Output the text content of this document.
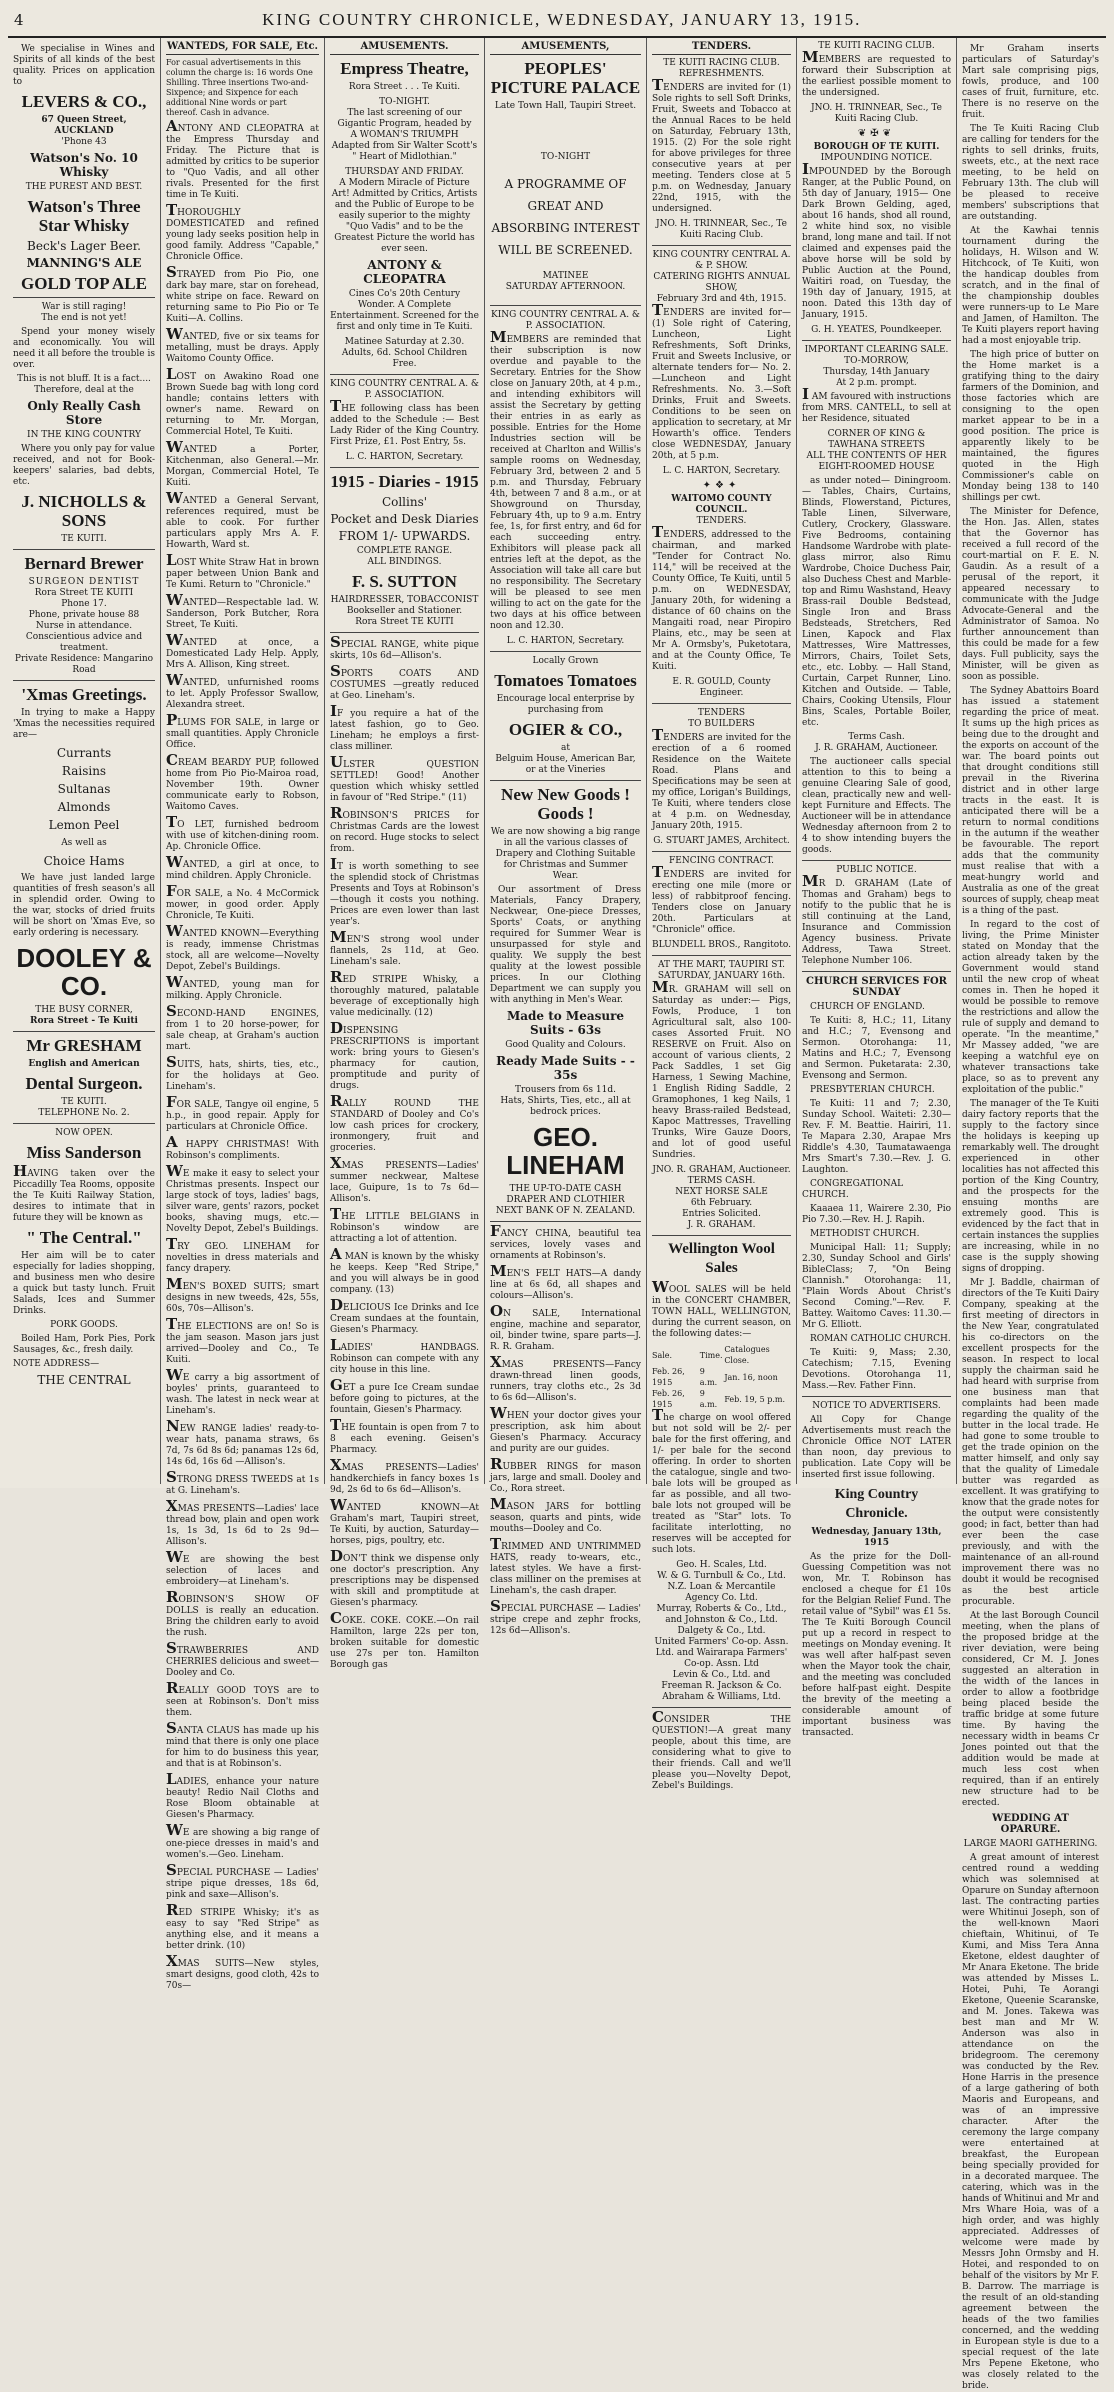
4	KING COUNTRY CHRONICLE, WEDNESDAY, JANUARY 13, 1915.
We specialise in Wines and Spirits of all kinds of the best quality. Prices on application to
LEVERS & CO.,
67 Queen Street, AUCKLAND
'Phone 43
Watson's No. 10 Whisky
THE PUREST AND BEST.
Watson's Three Star Whisky
Beck's Lager Beer.
MANNING'S ALE
GOLD TOP ALE
War is still raging!
The end is not yet!
Spend your money wisely and economically. You will need it all before the trouble is over.
This is not bluff. It is a fact....
Therefore, deal at the
Only Really Cash Store
IN THE KING COUNTRY
Where you only pay for value received, and not for Book-keepers' salaries, bad debts, etc.
J. NICHOLLS & SONS
TE KUITI.
Bernard Brewer
SURGEON DENTIST
Rora Street TE KUITI
Phone 17.
Phone, private house 88
Nurse in attendance. Conscientious advice and treatment.
Private Residence: Mangarino Road
'Xmas Greetings.
In trying to make a Happy 'Xmas the necessities required are—
Currants
Raisins
Sultanas
Almonds
Lemon Peel
As well as
Choice Hams
We have just landed large quantities of fresh season's all in splendid order. Owing to the war, stocks of dried fruits will be short on 'Xmas Eve, so early ordering is necessary.
DOOLEY & CO.
THE BUSY CORNER,
Rora Street - Te Kuiti
Mr GRESHAM
English and American
Dental Surgeon.
TE KUITI.
TELEPHONE No. 2.
NOW OPEN.
Miss Sanderson
HAVING taken over the Piccadilly Tea Rooms, opposite the Te Kuiti Railway Station, desires to intimate that in future they will be known as
" The Central."
Her aim will be to cater especially for ladies shopping, and business men who desire a quick but tasty lunch. Fruit Salads, Ices and Summer Drinks.
PORK GOODS.
Boiled Ham, Pork Pies, Pork Sausages, &c., fresh daily.
NOTE ADDRESS—
THE CENTRAL
WANTEDS, FOR SALE, Etc.
For casual advertisements in this column the charge is: 16 words One Shilling. Three insertions Two-and-Sixpence; and Sixpence for each additional Nine words or part thereof. Cash in advance.
ANTONY AND CLEOPATRA at the Empress Thursday and Friday. The Picture that is admitted by critics to be superior to "Quo Vadis, and all other rivals. Presented for the first time in Te Kuiti.
THOROUGHLY DOMESTICATED and refined young lady seeks position help in good family. Address "Capable," Chronicle Office.
STRAYED from Pio Pio, one dark bay mare, star on forehead, white stripe on face. Reward on returning same to Pio Pio or Te Kuiti—A. Collins.
WANTED, five or six teams for metalling, must be drays. Apply Waitomo County Office.
LOST on Awakino Road one Brown Suede bag with long cord handle; contains letters with owner's name. Reward on returning to Mr. Morgan, Commercial Hotel, Te Kuiti.
WANTED a Porter, Kitchenman, also General.—Mr. Morgan, Commercial Hotel, Te Kuiti.
WANTED a General Servant, references required, must be able to cook. For further particulars apply Mrs A. F. Howarth, Ward st.
LOST White Straw Hat in brown paper between Union Bank and Te Kumi. Return to "Chronicle."
WANTED—Respectable lad. W. Sanderson, Pork Butcher, Rora Street, Te Kuiti.
WANTED at once, a Domesticated Lady Help. Apply, Mrs A. Allison, King street.
WANTED, unfurnished rooms to let. Apply Professor Swallow, Alexandra street.
PLUMS FOR SALE, in large or small quantities. Apply Chronicle Office.
CREAM BEARDY PUP, followed home from Pio Pio-Mairoa road, November 19th. Owner communicate early to Robson, Waitomo Caves.
TO LET, furnished bedroom with use of kitchen-dining room. Ap. Chronicle Office.
WANTED, a girl at once, to mind children. Apply Chronicle.
FOR SALE, a No. 4 McCormick mower, in good order. Apply Chronicle, Te Kuiti.
WANTED KNOWN—Everything is ready, immense Christmas stock, all are welcome—Novelty Depot, Zebel's Buildings.
WANTED, young man for milking. Apply Chronicle.
SECOND-HAND ENGINES, from 1 to 20 horse-power, for sale cheap, at Graham's auction mart.
SUITS, hats, shirts, ties, etc., for the holidays at Geo. Lineham's.
FOR SALE, Tangye oil engine, 5 h.p., in good repair. Apply for particulars at Chronicle Office.
A HAPPY CHRISTMAS! With Robinson's compliments.
WE make it easy to select your Christmas presents. Inspect our large stock of toys, ladies' bags, silver ware, gents' razors, pocket books, shaving mugs, etc.—Novelty Depot, Zebel's Buildings.
TRY GEO. LINEHAM for novelties in dress materials and fancy drapery.
MEN'S BOXED SUITS; smart designs in new tweeds, 42s, 55s, 60s, 70s—Allison's.
THE ELECTIONS are on! So is the jam season. Mason jars just arrived—Dooley and Co., Te Kuiti.
WE carry a big assortment of boyles' prints, guaranteed to wash. The latest in neck wear at Lineham's.
NEW RANGE ladies' ready-to-wear hats, panama straws, 6s 7d, 7s 6d 8s 6d; panamas 12s 6d, 14s 6d, 16s 6d —Allison's.
STRONG DRESS TWEEDS at 1s at G. Lineham's.
XMAS PRESENTS—Ladies' lace thread bow, plain and open work 1s, 1s 3d, 1s 6d to 2s 9d—Allison's.
WE are showing the best selection of laces and embroidery—at Lineham's.
ROBINSON'S SHOW OF DOLLS is really an education. Bring the children early to avoid the rush.
STRAWBERRIES AND CHERRIES delicious and sweet—Dooley and Co.
REALLY GOOD TOYS are to seen at Robinson's. Don't miss them.
SANTA CLAUS has made up his mind that there is only one place for him to do business this year, and that is at Robinson's.
LADIES, enhance your nature beauty! Redio Nail Cloths and Rose Bloom obtainable at Giesen's Pharmacy.
WE are showing a big range of one-piece dresses in maid's and women's.—Geo. Lineham.
SPECIAL PURCHASE — Ladies' stripe pique dresses, 18s 6d, pink and saxe—Allison's.
RED STRIPE Whisky; it's as easy to say "Red Stripe" as anything else, and it means a better drink. (10)
XMAS SUITS—New styles, smart designs, good cloth, 42s to 70s—
AMUSEMENTS.
Empress Theatre,
Rora Street . . . Te Kuiti.
TO-NIGHT.
The last screening of our Gigantic Program, headed by
A WOMAN'S TRIUMPH
Adapted from Sir Walter Scott's " Heart of Midlothian."
THURSDAY AND FRIDAY.
A Modern Miracle of Picture Art! Admitted by Critics, Artists and the Public of Europe to be easily superior to the mighty "Quo Vadis" and to be the Greatest Picture the world has ever seen.
ANTONY & CLEOPATRA
Cines Co's 20th Century Wonder. A Complete Entertainment. Screened for the first and only time in Te Kuiti.
Matinee Saturday at 2.30. Adults, 6d. School Children Free.
KING COUNTRY CENTRAL A. & P. ASSOCIATION.
THE following class has been added to the Schedule :— Best Lady Rider of the King Country. First Prize, £1. Post Entry, 5s.
L. C. HARTON, Secretary.
1915 - Diaries - 1915
Collins'
Pocket and Desk Diaries
FROM 1/- UPWARDS.
COMPLETE RANGE.
ALL BINDINGS.
F. S. SUTTON
HAIRDRESSER, TOBACCONIST
Bookseller and Stationer.
Rora Street TE KUITI
SPECIAL RANGE, white pique skirts, 10s 6d—Allison's.
SPORTS COATS AND COSTUMES —greatly reduced at Geo. Lineham's.
IF you require a hat of the latest fashion, go to Geo. Lineham; he employs a first-class milliner.
ULSTER QUESTION SETTLED! Good! Another question which whisky settled in favour of "Red Stripe." (11)
ROBINSON'S PRICES for Christmas Cards are the lowest on record. Huge stocks to select from.
IT is worth something to see the splendid stock of Christmas Presents and Toys at Robinson's—though it costs you nothing. Prices are even lower than last year's.
MEN'S strong wool under flannels, 2s 11d, at Geo. Lineham's sale.
RED STRIPE Whisky, a thoroughly matured, palatable beverage of exceptionally high value medicinally. (12)
DISPENSING PRESCRIPTIONS is important work: bring yours to Giesen's pharmacy for caution, promptitude and purity of drugs.
RALLY ROUND THE STANDARD of Dooley and Co's low cash prices for crockery, ironmongery, fruit and groceries.
XMAS PRESENTS—Ladies' summer neckwear, Maltese lace, Guipure, 1s to 7s 6d—Allison's.
THE LITTLE BELGIANS in Robinson's window are attracting a lot of attention.
A MAN is known by the whisky he keeps. Keep "Red Stripe," and you will always be in good company. (13)
DELICIOUS Ice Drinks and Ice Cream sundaes at the fountain, Giesen's Pharmacy.
LADIES' HANDBAGS. Robinson can compete with any city house in this line.
GET a pure Ice Cream sundae before going to pictures, at the fountain, Giesen's Pharmacy.
THE fountain is open from 7 to 8 each evening. Geisen's Pharmacy.
XMAS PRESENTS—Ladies' handkerchiefs in fancy boxes 1s 9d, 2s 6d to 6s 6d—Allison's.
WANTED KNOWN—At Graham's mart, Taupiri street, Te Kuiti, by auction, Saturday—horses, pigs, poultry, etc.
DON'T think we dispense only one doctor's prescription. Any prescriptions may be dispensed with skill and promptitude at Giesen's pharmacy.
COKE. COKE. COKE.—On rail Hamilton, large 22s per ton, broken suitable for domestic use 27s per ton. Hamilton Borough gas
AMUSEMENTS,
PEOPLES' PICTURE PALACE
Late Town Hall, Taupiri Street.
TO-NIGHT
A PROGRAMME OF GREAT AND ABSORBING INTEREST WILL BE SCREENED.
MATINEE
SATURDAY AFTERNOON.
KING COUNTRY CENTRAL A. & P. ASSOCIATION.
MEMBERS are reminded that their subscription is now overdue and payable to the Secretary. Entries for the Show close on January 20th, at 4 p.m., and intending exhibitors will assist the Secretary by getting their entries in as early as possible. Entries for the Home Industries section will be received at Charlton and Willis's sample rooms on Wednesday, February 3rd, between 2 and 5 p.m. and Thursday, February 4th, between 7 and 8 a.m., or at Showground on Thursday, February 4th, up to 9 a.m. Entry fee, 1s, for first entry, and 6d for each succeeding entry. Exhibitors will please pack all entries left at the depot, as the Association will take all care but no responsibility. The Secretary will be pleased to see men willing to act on the gate for the two days at his office between noon and 12.30.
L. C. HARTON, Secretary.
Locally Grown
Tomatoes Tomatoes
Encourage local enterprise by purchasing from
OGIER & CO.,
at
Belguim House, American Bar, or at the Vineries
New New Goods ! Goods !
We are now showing a big range in all the various classes of Drapery and Clothing Suitable for Christmas and Summer Wear.
Our assortment of Dress Materials, Fancy Drapery, Neckwear, One-piece Dresses, Sports' Coats, or anything required for Summer Wear is unsurpassed for style and quality. We supply the best quality at the lowest possible prices. In our Clothing Department we can supply you with anything in Men's Wear.
Made to Measure Suits - 63s
Good Quality and Colours.
Ready Made Suits - - 35s
Trousers from 6s 11d.
Hats, Shirts, Ties, etc., all at bedrock prices.
GEO. LINEHAM
THE UP-TO-DATE CASH DRAPER AND CLOTHIER
NEXT BANK OF N. ZEALAND.
FANCY CHINA, beautiful tea services, lovely vases and ornaments at Robinson's.
MEN'S FELT HATS—A dandy line at 6s 6d, all shapes and colours—Allison's.
ON SALE, International engine, machine and separator, oil, binder twine, spare parts—J. R. R. Graham.
XMAS PRESENTS—Fancy drawn-thread linen goods, runners, tray cloths etc., 2s 3d to 6s 6d—Allison's.
WHEN your doctor gives your prescription, ask him about Giesen's Pharmacy. Accuracy and purity are our guides.
RUBBER RINGS for mason jars, large and small. Dooley and Co., Rora street.
MASON JARS for bottling season, quarts and pints, wide mouths—Dooley and Co.
TRIMMED AND UNTRIMMED HATS, ready to-wears, etc., latest styles. We have a first-class milliner on the premises at Lineham's, the cash draper.
SPECIAL PURCHASE — Ladies' stripe crepe and zephr frocks, 12s 6d—Allison's.
TENDERS.
TE KUITI RACING CLUB.
REFRESHMENTS.
TENDERS are invited for (1) Sole rights to sell Soft Drinks, Fruit, Sweets and Tobacco at the Annual Races to be held on Saturday, February 13th, 1915. (2) For the sole right for above privileges for three consecutive years at per meeting. Tenders close at 5 p.m. on Wednesday, January 22nd, 1915, with the undersigned.
JNO. H. TRINNEAR, Sec., Te Kuiti Racing Club.
KING COUNTRY CENTRAL A. & P. SHOW.
CATERING RIGHTS ANNUAL SHOW,
February 3rd and 4th, 1915.
TENDERS are invited for—(1) Sole right of Catering, Luncheon, Light Refreshments, Soft Drinks, Fruit and Sweets Inclusive, or alternate tenders for— No. 2.—Luncheon and Light Refreshments. No. 3.—Soft Drinks, Fruit and Sweets. Conditions to be seen on application to secretary, at Mr Howarth's office. Tenders close WEDNESDAY, January 20th, at 5 p.m.
L. C. HARTON, Secretary.
✦❖✦
WAITOMO COUNTY COUNCIL.
TENDERS.
TENDERS, addressed to the chairman, and marked "Tender for Contract No. 114," will be received at the County Office, Te Kuiti, until 5 p.m. on WEDNESDAY, January 20th, for widening a distance of 60 chains on the Mangaiti road, near Piropiro Plains, etc., may be seen at Mr A. Ormsby's, Puketotara, and at the County Office, Te Kuiti.
E. R. GOULD, County Engineer.
TENDERS
TO BUILDERS
TENDERS are invited for the erection of a 6 roomed Residence on the Waitete Road. Plans and Specifications may be seen at my office, Lorigan's Buildings, Te Kuiti, where tenders close at 4 p.m. on Wednesday, January 20th, 1915.
G. STUART JAMES, Architect.
FENCING CONTRACT.
TENDERS are invited for erecting one mile (more or less) of rabbitproof fencing. Tenders close on January 20th. Particulars at "Chronicle" office.
BLUNDELL BROS., Rangitoto.
AT THE MART, TAUPIRI ST.
SATURDAY, JANUARY 16th.
MR. GRAHAM will sell on Saturday as under:— Pigs, Fowls, Produce, 1 ton Agricultural salt, also 100-cases Assorted Fruit. NO RESERVE on Fruit. Also on account of various clients, 2 Pack Saddles, 1 set Gig Harness, 1 Sewing Machine, 1 English Riding Saddle, 2 Gramophones, 1 keg Nails, 1 heavy Brass-railed Bedstead, Kapoc Mattresses, Travelling Trunks, Wire Gauze Doors, and lot of good useful Sundries.
JNO. R. GRAHAM, Auctioneer.
TERMS CASH.
NEXT HORSE SALE
6th February.
Entries Solicited.
J. R. GRAHAM.
Wellington Wool Sales
WOOL SALES will be held in the CONCERT CHAMBER, TOWN HALL, WELLINGTON, during the current season, on the following dates:—
Sale.	Time.	Catalogues Close.
Feb. 26, 1915	9 a.m.	Jan. 16, noon
Feb. 26, 1915	9 a.m.	Feb. 19, 5 p.m.
The charge on wool offered but not sold will be 2/- per bale for the first offering, and 1/- per bale for the second offering. In order to shorten the catalogue, single and two-bale lots will be grouped as far as possible, and all two-bale lots not grouped will be treated as "Star" lots. To facilitate interlotting, no reserves will be accepted for such lots.
Geo. H. Scales, Ltd.
W. & G. Turnbull & Co., Ltd.
N.Z. Loan & Mercantile Agency Co. Ltd.
Murray, Roberts & Co., Ltd., and Johnston & Co., Ltd.
Dalgety & Co., Ltd.
United Farmers' Co-op. Assn. Ltd. and Wairarapa Farmers' Co-op. Assn. Ltd
Levin & Co., Ltd. and Freeman R. Jackson & Co.
Abraham & Williams, Ltd.
CONSIDER THE QUESTION!—A great many people, about this time, are considering what to give to their friends. Call and we'll please you—Novelty Depot, Zebel's Buildings.
TE KUITI RACING CLUB.
MEMBERS are requested to forward their Subscription at the earliest possible moment to the undersigned.
JNO. H. TRINNEAR, Sec., Te Kuiti Racing Club.
❦✠❦
BOROUGH OF TE KUITI.
IMPOUNDING NOTICE.
IMPOUNDED by the Borough Ranger, at the Public Pound, on 5th day of January, 1915— One Dark Brown Gelding, aged, about 16 hands, shod all round, 2 white hind sox, no visible brand, long mane and tail. If not claimed and expenses paid the above horse will be sold by Public Auction at the Pound, Waitiri road, on Tuesday, the 19th day of January, 1915, at noon. Dated this 13th day of January, 1915.
G. H. YEATES, Poundkeeper.
IMPORTANT CLEARING SALE.
TO-MORROW,
Thursday, 14th January
At 2 p.m. prompt.
I AM favoured with instructions from MRS. CANTELL, to sell at her Residence, situated
CORNER OF KING & TAWHANA STREETS
ALL THE CONTENTS OF HER EIGHT-ROOMED HOUSE
as under noted— Diningroom. — Tables, Chairs, Curtains, Blinds, Flowerstand, Pictures, Table Linen, Silverware, Cutlery, Crockery, Glassware. Five Bedrooms, containing Handsome Wardrobe with plate-glass mirror, also Rimu Wardrobe, Choice Duchess Pair, also Duchess Chest and Marble-top and Rimu Washstand, Heavy Brass-rail Double Bedstead, Single Iron and Brass Bedsteads, Stretchers, Red Linen, Kapock and Flax Mattresses, Wire Mattresses, Mirrors, Chairs, Toilet Sets, etc., etc. Lobby. — Hall Stand, Curtain, Carpet Runner, Lino. Kitchen and Outside. — Table, Chairs, Cooking Utensils, Flour Bins, Scales, Portable Boiler, etc.
Terms Cash.
J. R. GRAHAM, Auctioneer.
The auctioneer calls special attention to this to being a genuine Clearing Sale of good, clean, practically new and well-kept Furniture and Effects. The Auctioneer will be in attendance Wednesday afternoon from 2 to 4 to show intending buyers the goods.
PUBLIC NOTICE.
MR D. GRAHAM (Late of Thomas and Graham) begs to notify to the public that he is still continuing at the Land, Insurance and Commission Agency business. Private Address, Tawa Street. Telephone Number 106.
CHURCH SERVICES FOR SUNDAY
CHURCH OF ENGLAND.
Te Kuiti: 8, H.C.; 11, Litany and H.C.; 7, Evensong and Sermon. Otorohanga: 11, Matins and H.C.; 7, Evensong and Sermon. Puketarata: 2.30, Evensong and Sermon.
PRESBYTERIAN CHURCH.
Te Kuiti: 11 and 7; 2.30, Sunday School. Waiteti: 2.30—Rev. F. M. Beattie. Hairiri, 11. Te Mapara 2.30, Arapae Mrs Riddle's 4.30, Taumatawaenga Mrs Smart's 7.30.—Rev. J. G. Laughton.
CONGREGATIONAL CHURCH.
Kaaaea 11, Wairere 2.30, Pio Pio 7.30.—Rev. H. J. Rapih.
METHODIST CHURCH.
Municipal Hall: 11; Supply; 2.30, Sunday School and Girls' BibleClass; 7, "On Being Clannish." Otorohanga: 11, "Plain Words About Christ's Second Coming."—Rev. F. Battey. Waitomo Caves: 11.30.—Mr G. Elliott.
ROMAN CATHOLIC CHURCH.
Te Kuiti: 9, Mass; 2.30, Catechism; 7.15, Evening Devotions. Otorohanga 11, Mass.—Rev. Father Finn.
NOTICE TO ADVERTISERS.
All Copy for Change Advertisements must reach the Chronicle Office NOT LATER than noon, day previous to publication. Late Copy will be inserted first issue following.
King Country Chronicle.
Wednesday, January 13th, 1915
As the prize for the Doll-Guessing Competition was not won, Mr. T. Robinson has enclosed a cheque for £1 10s for the Belgian Relief Fund. The retail value of "Sybil" was £1 5s. The Te Kuiti Borough Council put up a record in respect to meetings on Monday evening. It was well after half-past seven when the Mayor took the chair, and the meeting was concluded before half-past eight. Despite the brevity of the meeting a considerable amount of important business was transacted.
Mr Graham inserts particulars of Saturday's Mart sale comprising pigs, fowls, produce, and 100 cases of fruit, furniture, etc. There is no reserve on the fruit.
The Te Kuiti Racing Club are calling for tenders for the rights to sell drinks, fruits, sweets, etc., at the next race meeting, to be held on February 13th. The club will be pleased to receive members' subscriptions that are outstanding.
At the Kawhai tennis tournament during the holidays, H. Wilson and W. Hitchcock, of Te Kuiti, won the handicap doubles from scratch, and in the final of the championship doubles were runners-up to Le Mare and Jamen, of Hamilton. The Te Kuiti players report having had a most enjoyable trip.
The high price of butter on the Home market is a gratifying thing to the dairy farmers of the Dominion, and those factories which are consigning to the open market appear to be in a good position. The price is apparently likely to be maintained, the figures quoted in the High Commissioner's cable on Monday being 138 to 140 shillings per cwt.
The Minister for Defence, the Hon. Jas. Allen, states that the Governor has received a full record of the court-martial on F. E. N. Gaudin. As a result of a perusal of the report, it appeared necessary to communicate with the Judge Advocate-General and the Administrator of Samoa. No further announcement than this could be made for a few days. Full publicity, says the Minister, will be given as soon as possible.
The Sydney Abattoirs Board has issued a statement regarding the price of meat. It sums up the high prices as being due to the drought and the exports on account of the war. The board points out that drought conditions still prevail in the Riverina district and in other large tracts in the east. It is anticipated there will be a return to normal conditions in the autumn if the weather be favourable. The report adds that the community must realise that with a meat-hungry world and Australia as one of the great sources of supply, cheap meat is a thing of the past.
In regard to the cost of living, the Prime Minister stated on Monday that the action already taken by the Government would stand until the new crop of wheat comes in. Then he hoped it would be possible to remove the restrictions and allow the rule of supply and demand to operate. "In the meantime," Mr Massey added, "we are keeping a watchful eye on whatever transactions take place, so as to prevent any exploitation of the public."
The manager of the Te Kuiti dairy factory reports that the supply to the factory since the holidays is keeping up remarkably well. The drought experienced in other localities has not affected this portion of the King Country, and the prospects for the ensuing months are extremely good. This is evidenced by the fact that in certain instances the supplies are increasing, while in no case is the supply showing signs of dropping.
Mr J. Baddle, chairman of directors of the Te Kuiti Dairy Company, speaking at the first meeting of directors in the New Year, congratulated his co-directors on the excellent prospects for the season. In respect to local supply the chairman said he had heard with surprise from one business man that complaints had been made regarding the quality of the butter in the local trade. He had gone to some trouble to get the trade opinion on the matter himself, and only say that the quality of Limedale butter was regarded as excellent. It was gratifying to know that the grade notes for the output were consistently good; in fact, better than had ever been the case previously, and with the maintenance of an all-round improvement there was no doubt it would be recognised as the best article procurable.
At the last Borough Council meeting, when the plans of the proposed bridge at the river deviation, were being considered, Cr M. J. Jones suggested an alteration in the width of the lances in order to allow a footbridge being placed beside the traffic bridge at some future time. By having the necessary width in beams Cr Jones pointed out that the addition would be made at much less cost when required, than if an entirely new structure had to be erected.
WEDDING AT OPARURE.
LARGE MAORI GATHERING.
A great amount of interest centred round a wedding which was solemnised at Oparure on Sunday afternoon last. The contracting parties were Whitinui Joseph, son of the well-known Maori chieftain, Whitinui, of Te Kumi, and Miss Tera Anna Eketone, eldest daughter of Mr Anara Eketone. The bride was attended by Misses L. Hotei, Puhi, Te Aorangi Eketone, Queenie Scaranske, and M. Jones. Takewa was best man and Mr W. Anderson was also in attendance on the bridegroom. The ceremony was conducted by the Rev. Hone Harris in the presence of a large gathering of both Maoris and Europeans, and was of an impressive character. After the ceremony the large company were entertained at breakfast, the European being specially provided for in a decorated marquee. The catering, which was in the hands of Whitinui and Mr and Mrs Whare Hoia, was of a high order, and was highly appreciated. Addresses of welcome were made by Messrs John Ormsby and H. Hotei, and responded to on behalf of the visitors by Mr F. B. Darrow. The marriage is the result of an old-standing agreement between the heads of the two families concerned, and the wedding in European style is due to a special request of the late Mrs Pepene Eketone, who was closely related to the bride.
